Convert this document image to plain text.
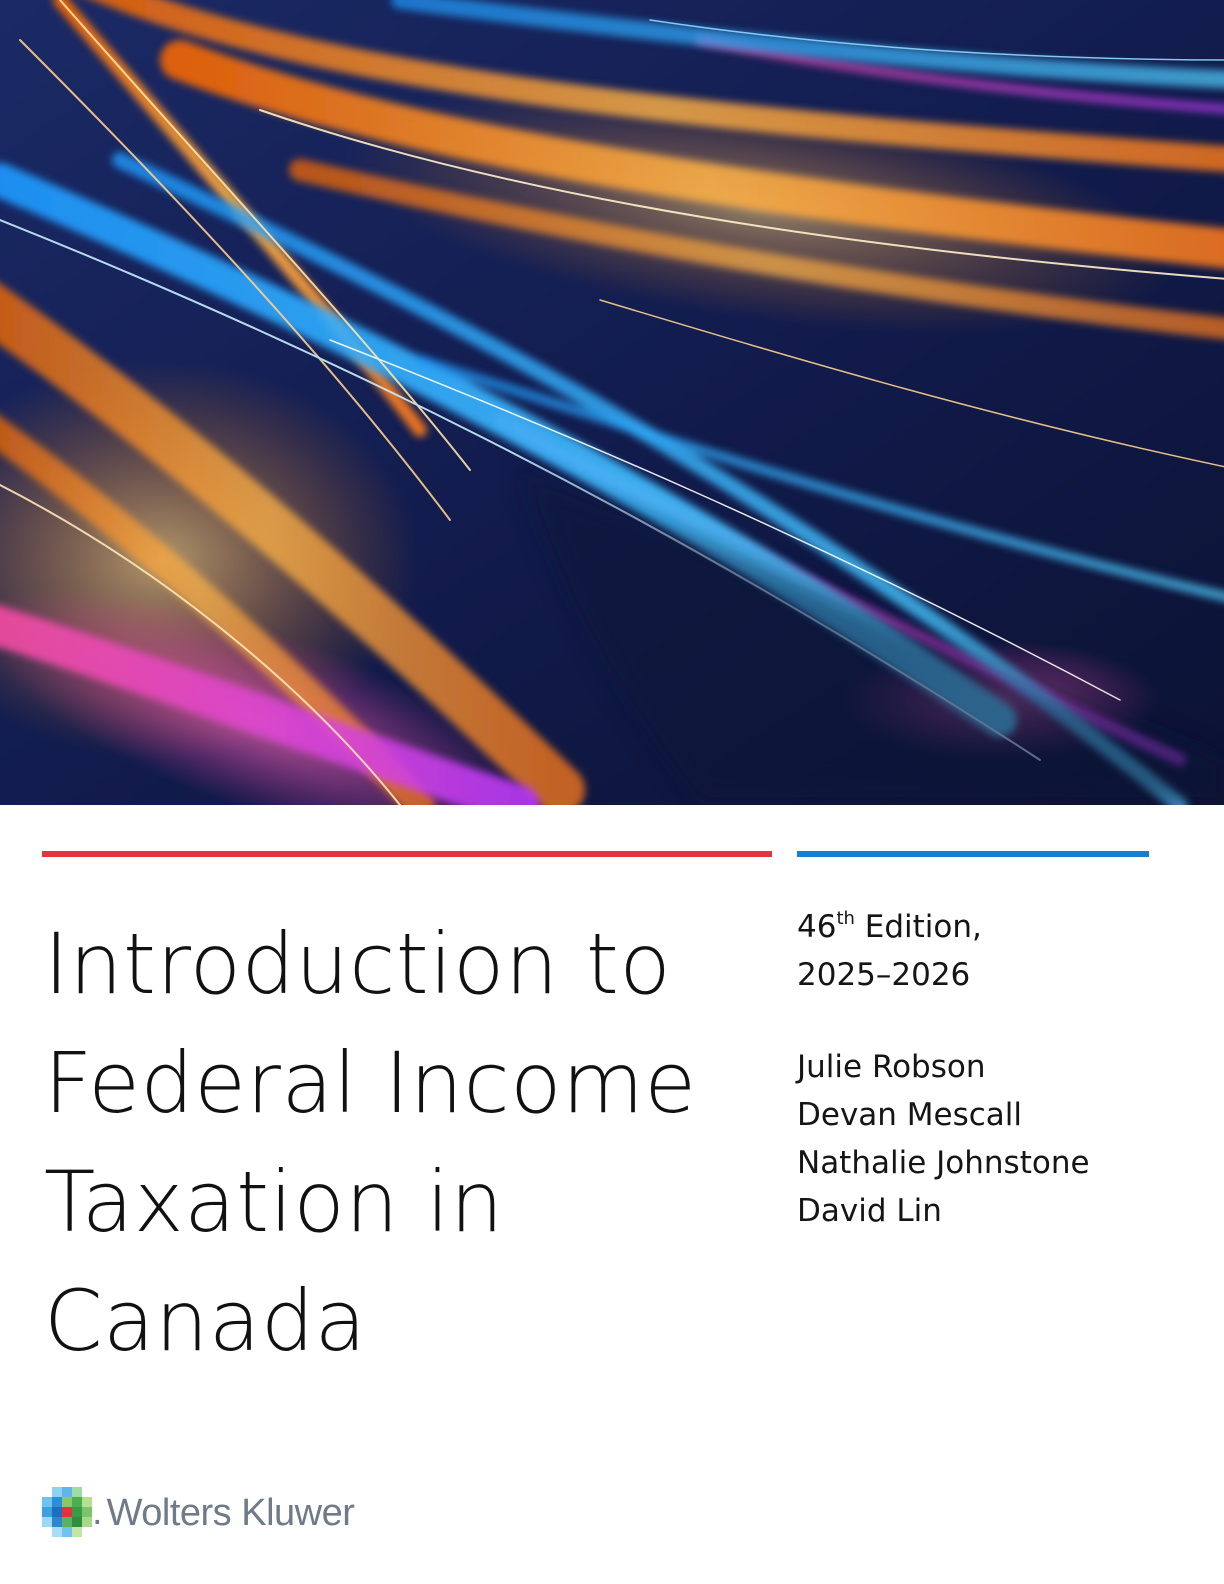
Introduction to
Federal Income
Taxation in
Canada
46th Edition,
2025–2026
Julie Robson
Devan Mescall
Nathalie Johnstone
David Lin
. Wolters Kluwer
